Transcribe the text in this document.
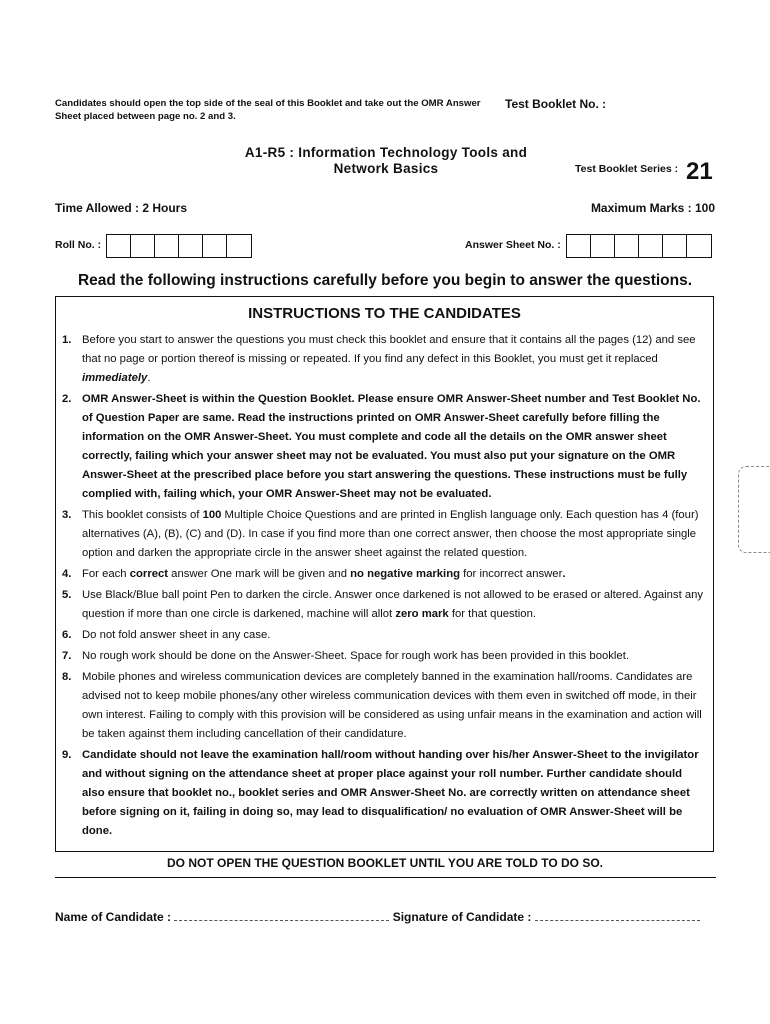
Candidates should open the top side of the seal of this Booklet and take out the OMR Answer Sheet placed between page no. 2 and 3.
Test Booklet No. :
A1-R5 : Information Technology Tools and
Network Basics	Test Booklet Series : 21
Time Allowed : 2 Hours	Maximum Marks : 100
Roll No. :	Answer Sheet No. :
Read the following instructions carefully before you begin to answer the questions.
INSTRUCTIONS TO THE CANDIDATES
1. Before you start to answer the questions you must check this booklet and ensure that it contains all the pages (12) and see that no page or portion thereof is missing or repeated. If you find any defect in this Booklet, you must get it replaced immediately.
2. OMR Answer-Sheet is within the Question Booklet. Please ensure OMR Answer-Sheet number and Test Booklet No. of Question Paper are same. Read the instructions printed on OMR Answer-Sheet carefully before filling the information on the OMR Answer-Sheet. You must complete and code all the details on the OMR answer sheet correctly, failing which your answer sheet may not be evaluated. You must also put your signature on the OMR Answer-Sheet at the prescribed place before you start answering the questions. These instructions must be fully complied with, failing which, your OMR Answer-Sheet may not be evaluated.
3. This booklet consists of 100 Multiple Choice Questions and are printed in English language only. Each question has 4 (four) alternatives (A), (B), (C) and (D). In case if you find more than one correct answer, then choose the most appropriate single option and darken the appropriate circle in the answer sheet against the related question.
4. For each correct answer One mark will be given and no negative marking for incorrect answer.
5. Use Black/Blue ball point Pen to darken the circle. Answer once darkened is not allowed to be erased or altered. Against any question if more than one circle is darkened, machine will allot zero mark for that question.
6. Do not fold answer sheet in any case.
7. No rough work should be done on the Answer-Sheet. Space for rough work has been provided in this booklet.
8. Mobile phones and wireless communication devices are completely banned in the examination hall/rooms. Candidates are advised not to keep mobile phones/any other wireless communication devices with them even in switched off mode, in their own interest. Failing to comply with this provision will be considered as using unfair means in the examination and action will be taken against them including cancellation of their candidature.
9. Candidate should not leave the examination hall/room without handing over his/her Answer-Sheet to the invigilator and without signing on the attendance sheet at proper place against your roll number. Further candidate should also ensure that booklet no., booklet series and OMR Answer-Sheet No. are correctly written on attendance sheet before signing on it, failing in doing so, may lead to disqualification/ no evaluation of OMR Answer-Sheet will be done.
DO NOT OPEN THE QUESTION BOOKLET UNTIL YOU ARE TOLD TO DO SO.
Name of Candidate :	Signature of Candidate :
